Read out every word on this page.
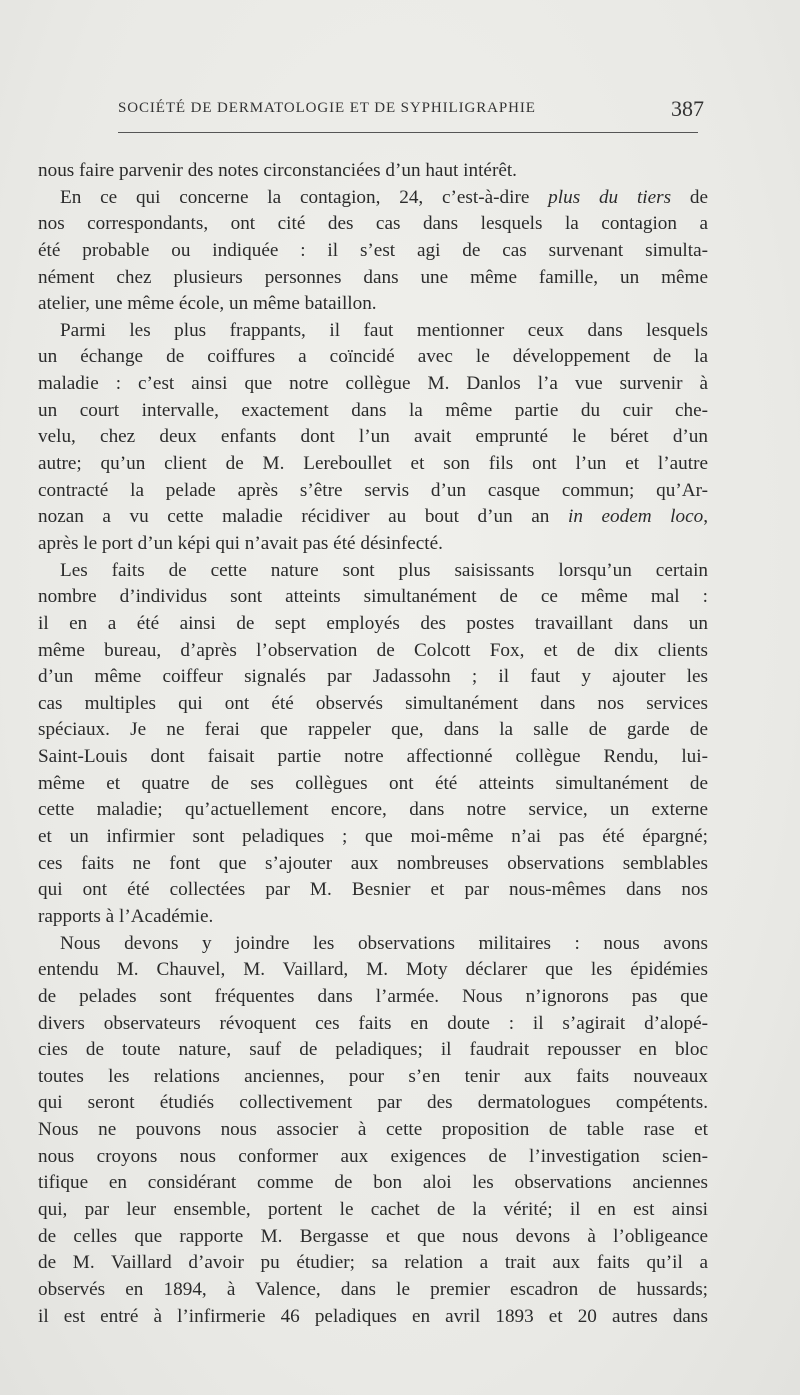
SOCIÉTÉ DE DERMATOLOGIE ET DE SYPHILIGRAPHIE	387
nous faire parvenir des notes circonstanciées d’un haut intérêt.
En ce qui concerne la contagion, 24, c’est-à-dire plus du tiers de
nos correspondants, ont cité des cas dans lesquels la contagion a
été probable ou indiquée : il s’est agi de cas survenant simulta-
nément chez plusieurs personnes dans une même famille, un même
atelier, une même école, un même bataillon.
Parmi les plus frappants, il faut mentionner ceux dans lesquels
un échange de coiffures a coïncidé avec le développement de la
maladie : c’est ainsi que notre collègue M. Danlos l’a vue survenir à
un court intervalle, exactement dans la même partie du cuir che-
velu, chez deux enfants dont l’un avait emprunté le béret d’un
autre; qu’un client de M. Lereboullet et son fils ont l’un et l’autre
contracté la pelade après s’être servis d’un casque commun; qu’Ar-
nozan a vu cette maladie récidiver au bout d’un an in eodem loco,
après le port d’un képi qui n’avait pas été désinfecté.
Les faits de cette nature sont plus saisissants lorsqu’un certain
nombre d’individus sont atteints simultanément de ce même mal :
il en a été ainsi de sept employés des postes travaillant dans un
même bureau, d’après l’observation de Colcott Fox, et de dix clients
d’un même coiffeur signalés par Jadassohn ; il faut y ajouter les
cas multiples qui ont été observés simultanément dans nos services
spéciaux. Je ne ferai que rappeler que, dans la salle de garde de
Saint-Louis dont faisait partie notre affectionné collègue Rendu, lui-
même et quatre de ses collègues ont été atteints simultanément de
cette maladie; qu’actuellement encore, dans notre service, un externe
et un infirmier sont peladiques ; que moi-même n’ai pas été épargné;
ces faits ne font que s’ajouter aux nombreuses observations semblables
qui ont été collectées par M. Besnier et par nous-mêmes dans nos
rapports à l’Académie.
Nous devons y joindre les observations militaires : nous avons
entendu M. Chauvel, M. Vaillard, M. Moty déclarer que les épidémies
de pelades sont fréquentes dans l’armée. Nous n’ignorons pas que
divers observateurs révoquent ces faits en doute : il s’agirait d’alopé-
cies de toute nature, sauf de peladiques; il faudrait repousser en bloc
toutes les relations anciennes, pour s’en tenir aux faits nouveaux
qui seront étudiés collectivement par des dermatologues compétents.
Nous ne pouvons nous associer à cette proposition de table rase et
nous croyons nous conformer aux exigences de l’investigation scien-
tifique en considérant comme de bon aloi les observations anciennes
qui, par leur ensemble, portent le cachet de la vérité; il en est ainsi
de celles que rapporte M. Bergasse et que nous devons à l’obligeance
de M. Vaillard d’avoir pu étudier; sa relation a trait aux faits qu’il a
observés en 1894, à Valence, dans le premier escadron de hussards;
il est entré à l’infirmerie 46 peladiques en avril 1893 et 20 autres dans
